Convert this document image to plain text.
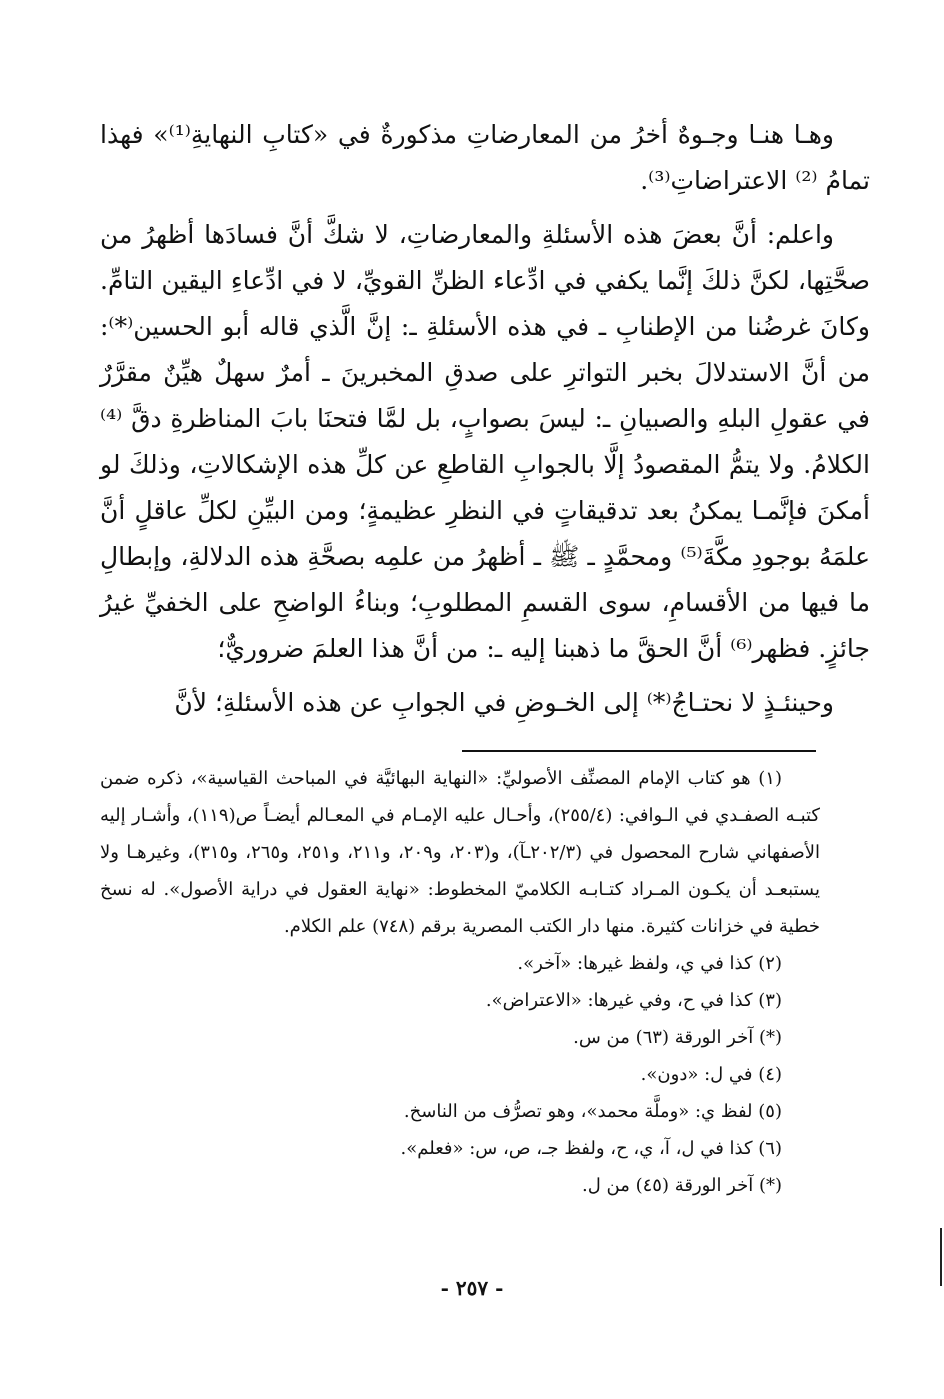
وهـا هنـا وجـوهٌ أخرُ من المعارضاتِ مذكورةٌ في «كتابِ النهايةِ⁽¹⁾» فهذا تمامُ ⁽²⁾ الاعتراضاتِ⁽³⁾.

واعلم: أنَّ بعضَ هذه الأسئلةِ والمعارضاتِ، لا شكَّ أنَّ فسادَها أظهرُ من صحَّتِها، لكنَّ ذلكَ إنَّما يكفي في ادِّعاء الظنِّ القويِّ، لا في ادِّعاءِ اليقين التامِّ. وكانَ غرضُنا من الإطنابِ ـ في هذه الأسئلةِ ـ: إنَّ الَّذي قاله أبو الحسين⁽*⁾: من أنَّ الاستدلالَ بخبر التواترِ على صدقِ المخبرينَ ـ أمرٌ سهلٌ هيِّنٌ مقرَّرٌ في عقولِ البلهِ والصبيانِ ـ: ليسَ بصوابٍ، بل لمَّا فتحنَا بابَ المناظرةِ دقَّ ⁽⁴⁾الكلامُ. ولا يتمُّ المقصودُ إلَّا بالجوابِ القاطعِ عن كلِّ هذه الإشكالاتِ، وذلكَ لو أمكنَ فإنَّمـا يمكنُ بعد تدقيقاتٍ في النظرِ عظيمةٍ؛ ومن البيِّنِ لكلِّ عاقلٍ أنَّ علمَهُ بوجودِ مكَّةَ⁽⁵⁾ ومحمَّدٍ ـ ﷺ ـ أظهرُ من علمِه بصحَّةِ هذه الدلالةِ، وإبطالِ ما فيها من الأقسامِ، سوى القسمِ المطلوبِ؛ وبناءُ الواضحِ على الخفيِّ غيرُ جائزٍ. فظهر⁽⁶⁾ أنَّ الحقَّ ما ذهبنا إليه ـ: من أنَّ هذا العلمَ ضروريٌّ؛

وحينئـذٍ لا نحتـاجُ⁽*⁾ إلى الخـوضِ في الجوابِ عن هذه الأسئلةِ؛ لأنَّ

(١) هو كتاب الإمام المصنِّف الأصوليِّ: «النهاية البهائيَّة في المباحث القياسية»، ذكره ضمن كتبـه الصفـدي في الـوافي: (٢٥٥/٤)، وأحـال عليه الإمـام في المعـالم أيضـاً ص(١١٩)، وأشـار إليه الأصفهاني شارح المحصول في (٢٠٢/٣ـآ)، و(٢٠٣، و٢٠٩، و٢١١، و٢٥١، و٢٦٥، و٣١٥)، وغيرهـا ولا يستبعـد أن يكـون المـراد كتـابـه الكلاميّ المخطوط: «نهاية العقول في دراية الأصول». له نسخ خطية في خزانات كثيرة. منها دار الكتب المصرية برقم (٧٤٨) علم الكلام.

(٢) كذا في ي، ولفظ غيرها: «آخر».

(٣) كذا في ح، وفي غيرها: «الاعتراض».

(*) آخر الورقة (٦٣) من س.

(٤) في ل: «دون».

(٥) لفظ ي: «وملَّة محمد»، وهو تصرُّف من الناسخ.

(٦) كذا في ل، آ، ي، ح، ولفظ جـ، ص، س: «فعلم».

(*) آخر الورقة (٤٥) من ل.

- ٢٥٧ -
